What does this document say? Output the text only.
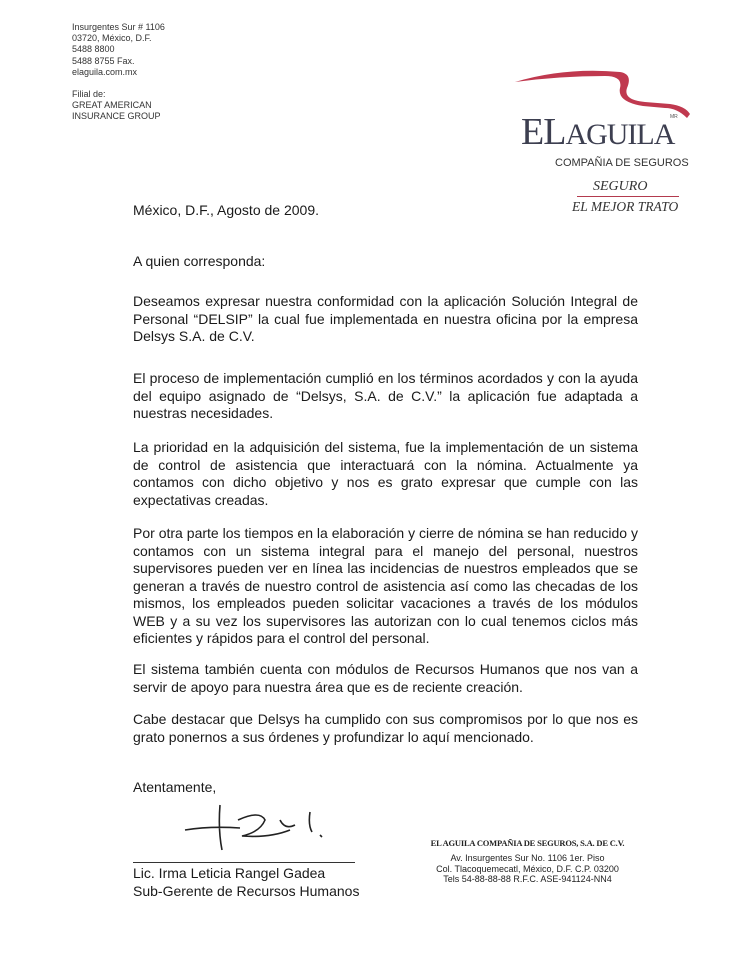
Insurgentes Sur # 1106
03720, México, D.F.
5488 8800
5488 8755 Fax.
elaguila.com.mx
Filial de:
GREAT AMERICAN
INSURANCE GROUP	ELAGUILA
MR
COMPAÑIA DE SEGUROS
SEGURO
EL MEJOR TRATO
México, D.F., Agosto de 2009.
A quien corresponda:
Deseamos expresar nuestra conformidad con la aplicación Solución Integral de Personal “DELSIP” la cual fue implementada en nuestra oficina por la empresa Delsys S.A. de C.V.
El proceso de implementación cumplió en los términos acordados y con la ayuda del equipo asignado de “Delsys, S.A. de C.V.” la aplicación fue adaptada a nuestras necesidades.
La prioridad en la adquisición del sistema, fue la implementación de un sistema de control de asistencia que interactuará con la nómina. Actualmente ya contamos con dicho objetivo y nos es grato expresar que cumple con las expectativas creadas.
Por otra parte los tiempos en la elaboración y cierre de nómina se han reducido y contamos con un sistema integral para el manejo del personal, nuestros supervisores pueden ver en línea las incidencias de nuestros empleados que se generan a través de nuestro control de asistencia así como las checadas de los mismos, los empleados pueden solicitar vacaciones a través de los módulos WEB y a su vez los supervisores las autorizan con lo cual tenemos ciclos más eficientes y rápidos para el control del personal.
El sistema también cuenta con módulos de Recursos Humanos que nos van a servir de apoyo para nuestra área que es de reciente creación.
Cabe destacar que Delsys ha cumplido con sus compromisos por lo que nos es grato ponernos a sus órdenes y profundizar lo aquí mencionado.
Atentamente,
Lic. Irma Leticia Rangel Gadea
Sub-Gerente de Recursos Humanos
EL AGUILA COMPAÑIA DE SEGUROS, S.A. DE C.V.
Av. Insurgentes Sur No. 1106 1er. Piso
Col. Tlacoquemecatl, México, D.F. C.P. 03200
Tels 54-88-88-88 R.F.C. ASE-941124-NN4
